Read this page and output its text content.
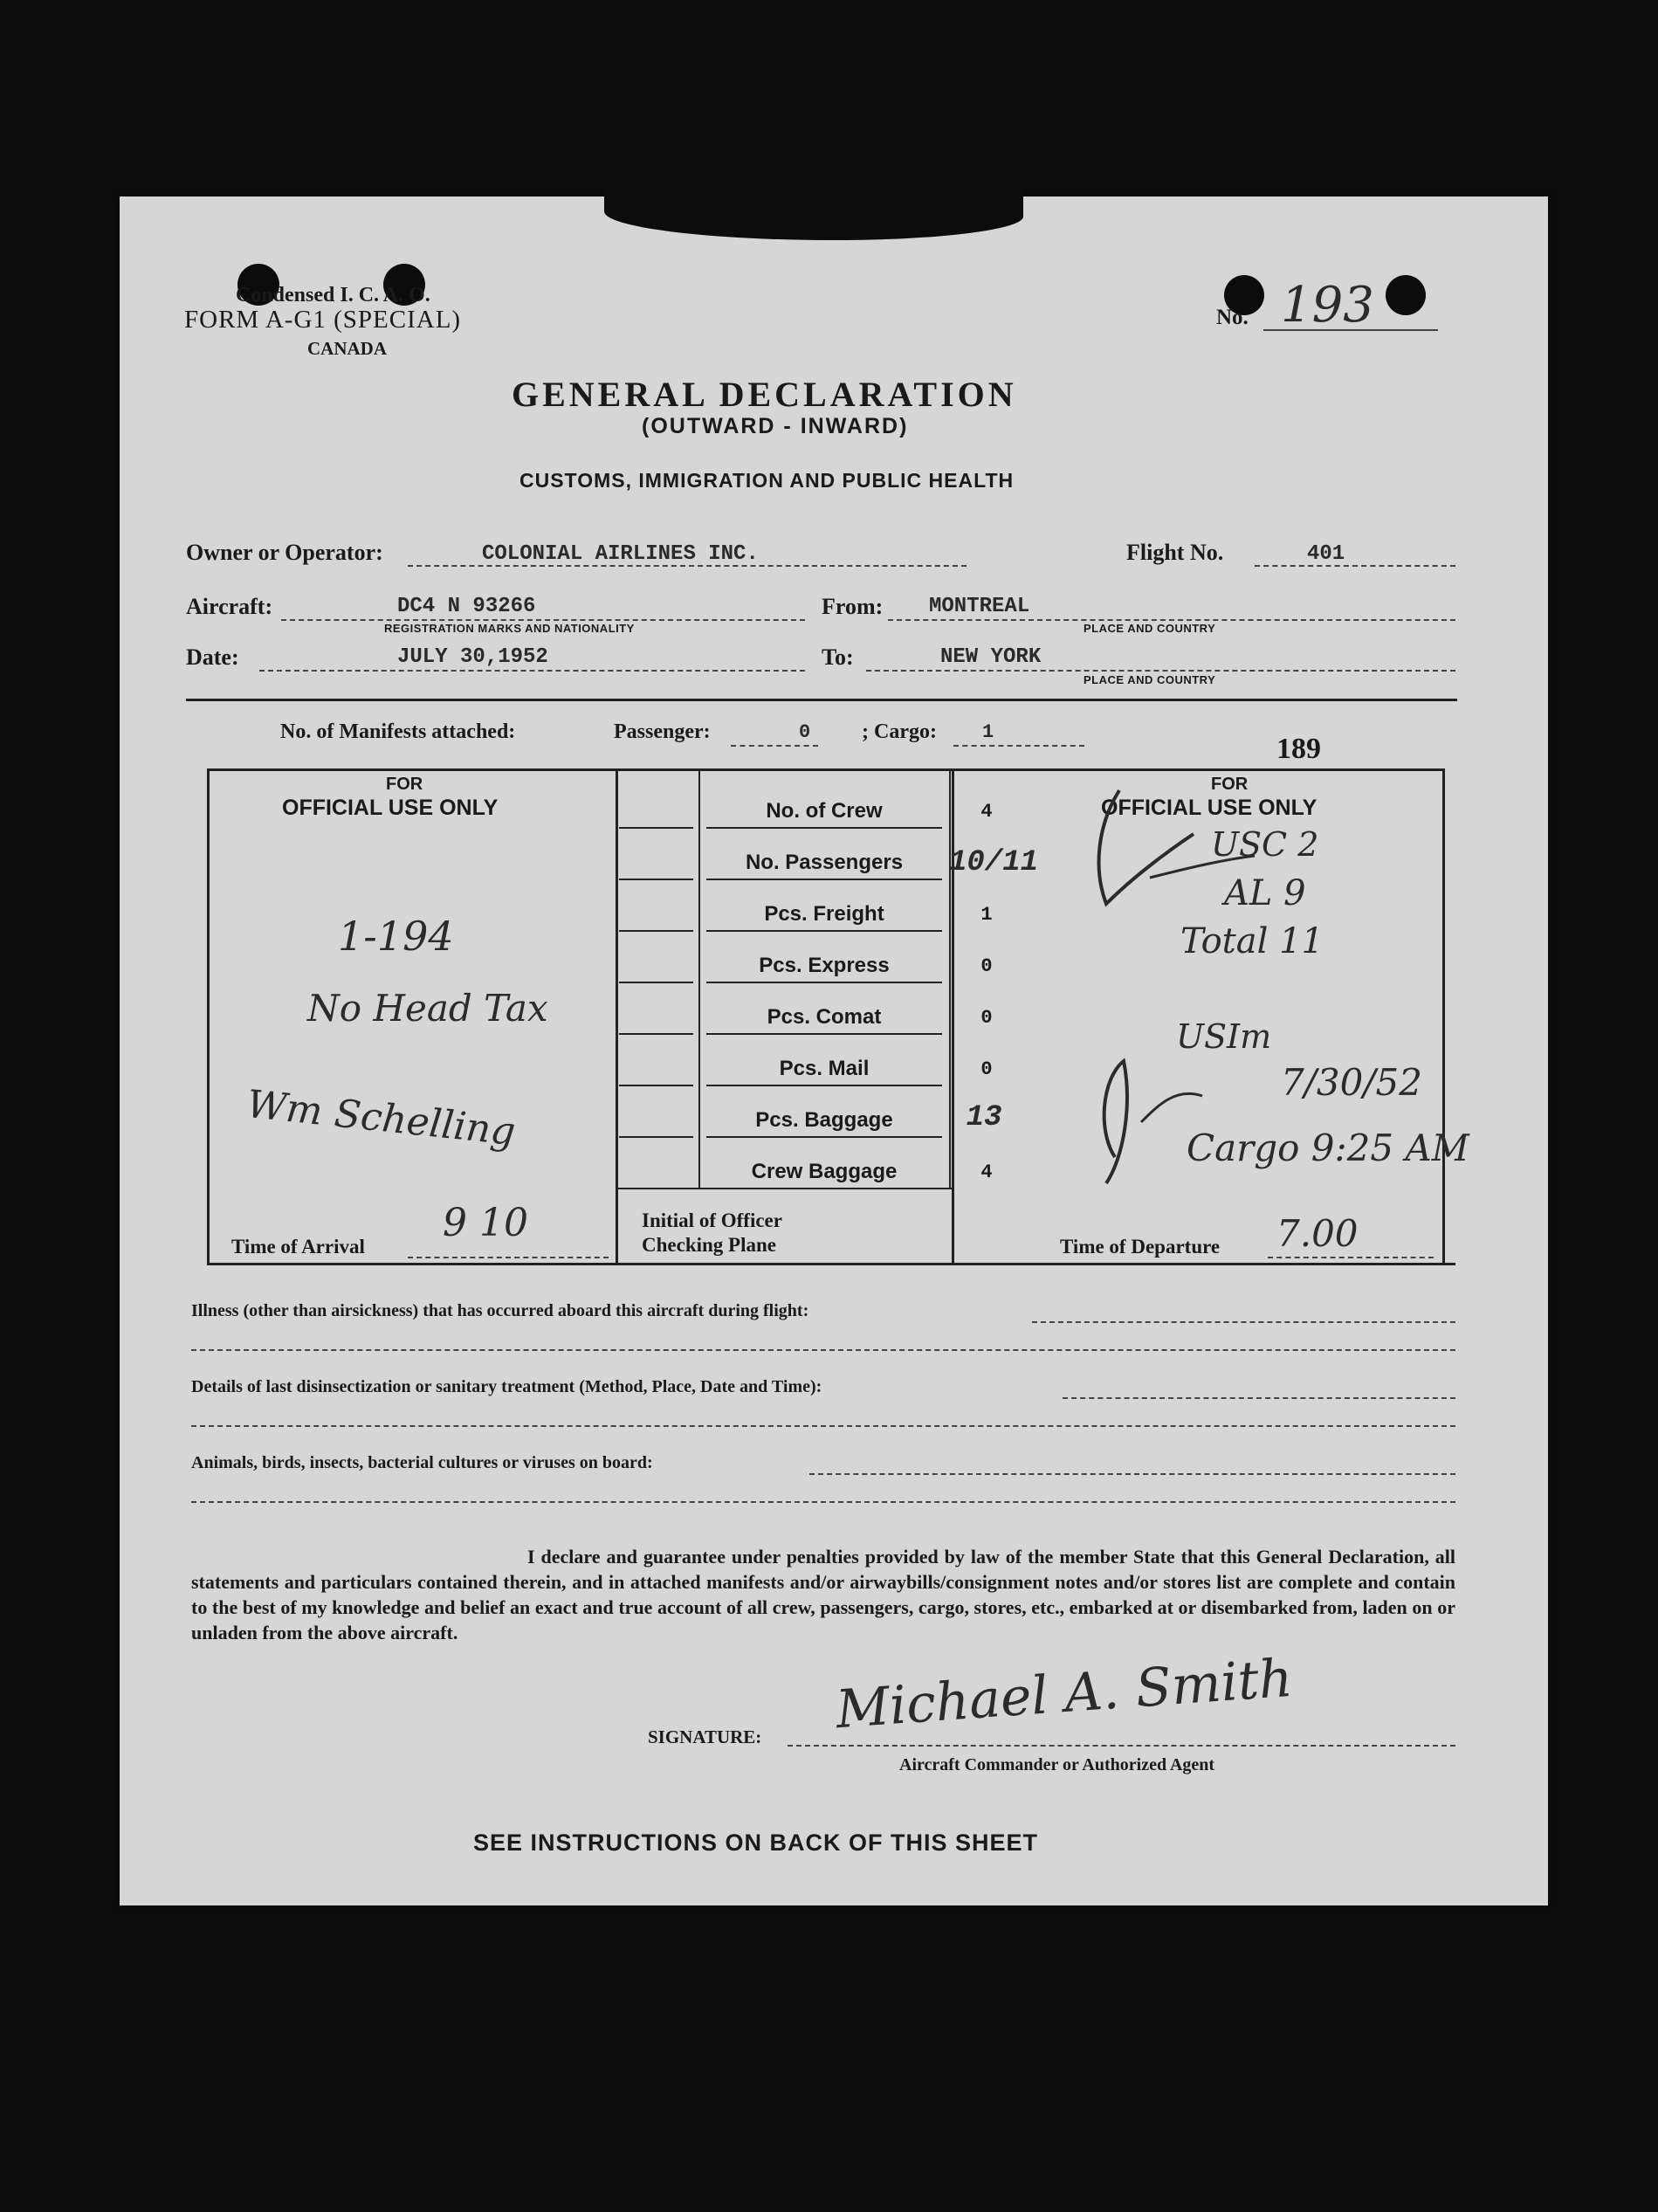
Condensed I. C. A. O.
FORM A-G1 (SPECIAL)
CANADA
No. 193
GENERAL DECLARATION
(OUTWARD - INWARD)
CUSTOMS, IMMIGRATION AND PUBLIC HEALTH
Owner or Operator:	COLONIAL AIRLINES INC.	Flight No.	401
Aircraft:	DC4 N 93266
REGISTRATION MARKS AND NATIONALITY
From: MONTREAL
PLACE AND COUNTRY
Date:	JULY 30,1952	To:	NEW YORK
PLACE AND COUNTRY
No. of Manifests attached:	Passenger:	0 ; Cargo: 1
189
FOR
OFFICIAL USE ONLY
FOR
OFFICIAL USE ONLY
No. of Crew	4
No. Passengers	10/11
Pcs. Freight	1
Pcs. Express	0
Pcs. Comat	0
Pcs. Mail	0
Pcs. Baggage	13
Crew Baggage	4
Time of Arrival
9 10	Initial of Officer
Checking Plane	Time of Departure 7.00
1-194
No Head Tax
Wm Schelling
USC 2
AL 9
Total 11
USIm
7/30/52
Cargo 9:25 AM
Illness (other than airsickness) that has occurred aboard this aircraft during flight:
Details of last disinsectization or sanitary treatment (Method, Place, Date and Time):
Animals, birds, insects, bacterial cultures or viruses on board:
I declare and guarantee under penalties provided by law of the member State that this General Declaration, all statements and particulars contained therein, and in attached manifests and/or airwaybills/consignment notes and/or stores list are complete and contain to the best of my knowledge and belief an exact and true account of all crew, passengers, cargo, stores, etc., embarked at or disembarked from, laden on or unladen from the above aircraft.
SIGNATURE: Michael A. Smith
Aircraft Commander or Authorized Agent
SEE INSTRUCTIONS ON BACK OF THIS SHEET
